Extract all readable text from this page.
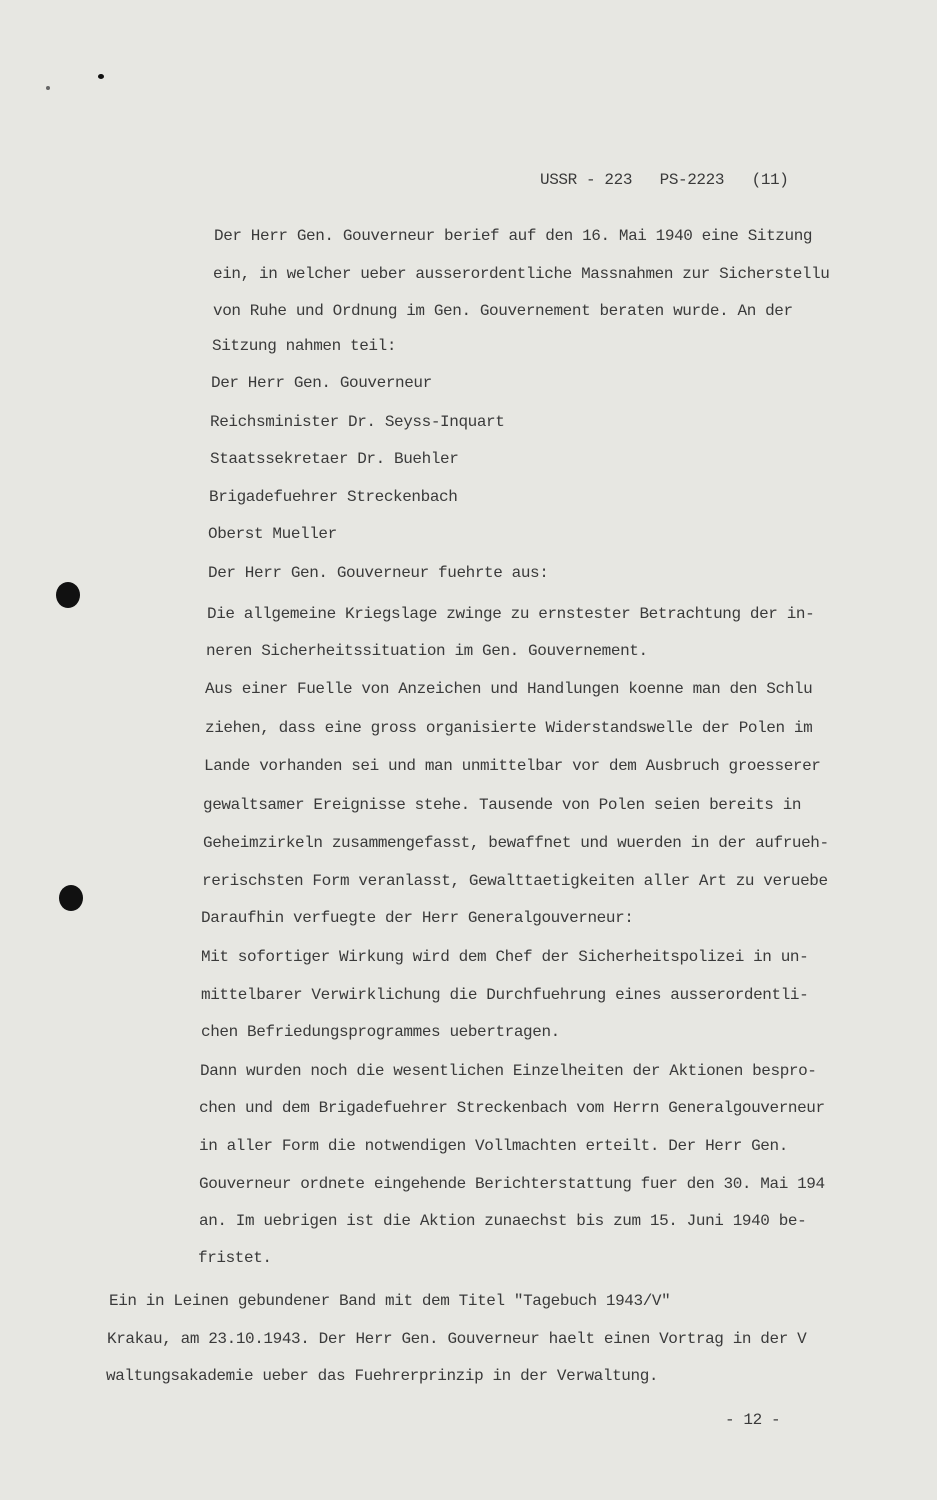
USSR - 223   PS-2223   (11)

Der Herr Gen. Gouverneur berief auf den 16. Mai 1940 eine Sitzung

ein, in welcher ueber ausserordentliche Massnahmen zur Sicherstellu

von Ruhe und Ordnung im Gen. Gouvernement beraten wurde. An der

Sitzung nahmen teil:

Der Herr Gen. Gouverneur

Reichsminister Dr. Seyss-Inquart

Staatssekretaer Dr. Buehler

Brigadefuehrer Streckenbach

Oberst Mueller

Der Herr Gen. Gouverneur fuehrte aus:

Die allgemeine Kriegslage zwinge zu ernstester Betrachtung der in-

neren Sicherheitssituation im Gen. Gouvernement.

Aus einer Fuelle von Anzeichen und Handlungen koenne man den Schlu

ziehen, dass eine gross organisierte Widerstandswelle der Polen im

Lande vorhanden sei und man unmittelbar vor dem Ausbruch groesserer

gewaltsamer Ereignisse stehe. Tausende von Polen seien bereits in

Geheimzirkeln zusammengefasst, bewaffnet und wuerden in der aufrueh-

rerischsten Form veranlasst, Gewalttaetigkeiten aller Art zu veruebe

Daraufhin verfuegte der Herr Generalgouverneur:

Mit sofortiger Wirkung wird dem Chef der Sicherheitspolizei in un-

mittelbarer Verwirklichung die Durchfuehrung eines ausserordentli-

chen Befriedungsprogrammes uebertragen.

Dann wurden noch die wesentlichen Einzelheiten der Aktionen bespro-

chen und dem Brigadefuehrer Streckenbach vom Herrn Generalgouverneur

in aller Form die notwendigen Vollmachten erteilt. Der Herr Gen.

Gouverneur ordnete eingehende Berichterstattung fuer den 30. Mai 194

an. Im uebrigen ist die Aktion zunaechst bis zum 15. Juni 1940 be-

fristet.

Ein in Leinen gebundener Band mit dem Titel "Tagebuch 1943/V"

Krakau, am 23.10.1943. Der Herr Gen. Gouverneur haelt einen Vortrag in der V

waltungsakademie ueber das Fuehrerprinzip in der Verwaltung.

- 12 -
